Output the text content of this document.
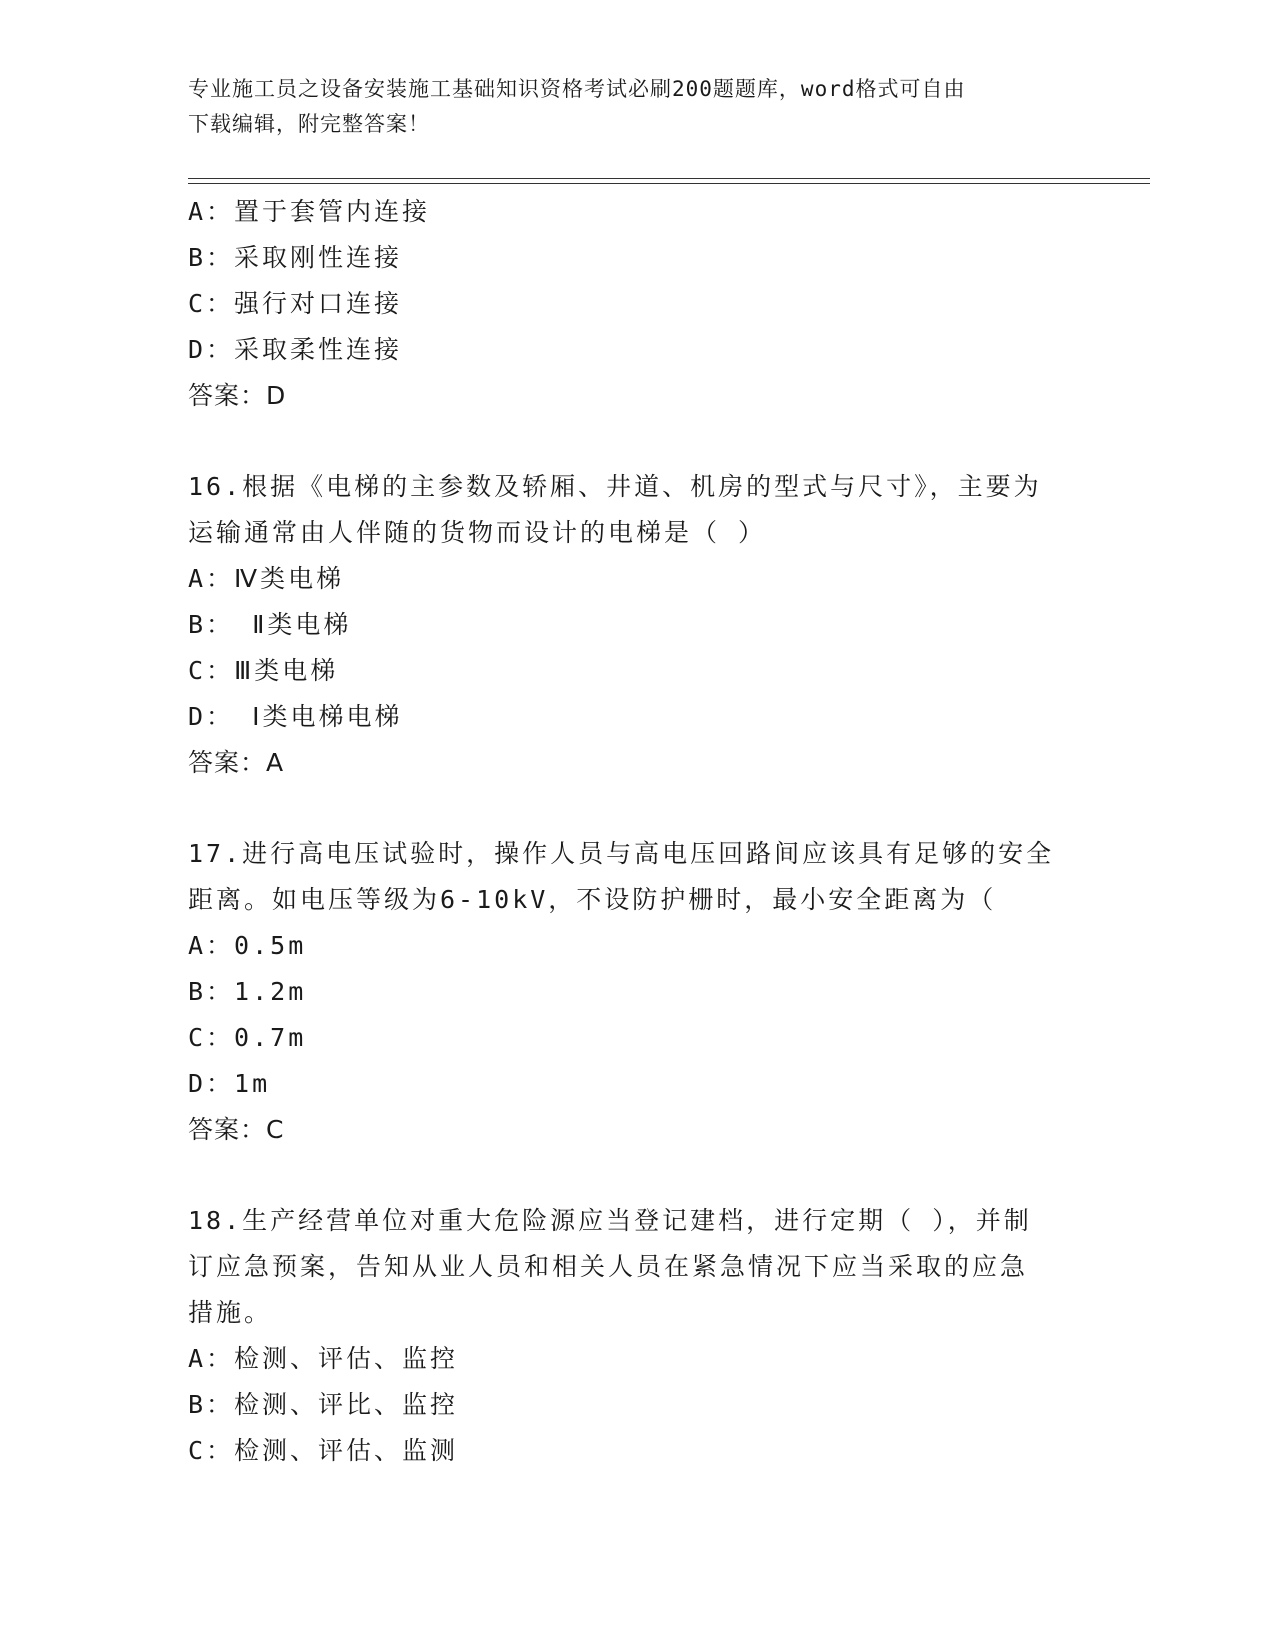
专业施工员之设备安装施工基础知识资格考试必刷200题题库，word格式可自由
下载编辑，附完整答案！
A：置于套管内连接
B：采取刚性连接
C：强行对口连接
D：采取柔性连接
答案：D
16.根据《电梯的主参数及轿厢、井道、机房的型式与尺寸》，主要为
运输通常由人伴随的货物而设计的电梯是（ ）
A：Ⅳ类电梯
B： Ⅱ类电梯
C：Ⅲ类电梯
D： Ⅰ类电梯电梯
答案：A
17.进行高电压试验时，操作人员与高电压回路间应该具有足够的安全
距离。如电压等级为6-10kV，不设防护栅时，最小安全距离为（
A：0.5m
B：1.2m
C：0.7m
D：1m
答案：C
18.生产经营单位对重大危险源应当登记建档，进行定期（ ），并制
订应急预案，告知从业人员和相关人员在紧急情况下应当采取的应急
措施。
A：检测、评估、监控
B：检测、评比、监控
C：检测、评估、监测
